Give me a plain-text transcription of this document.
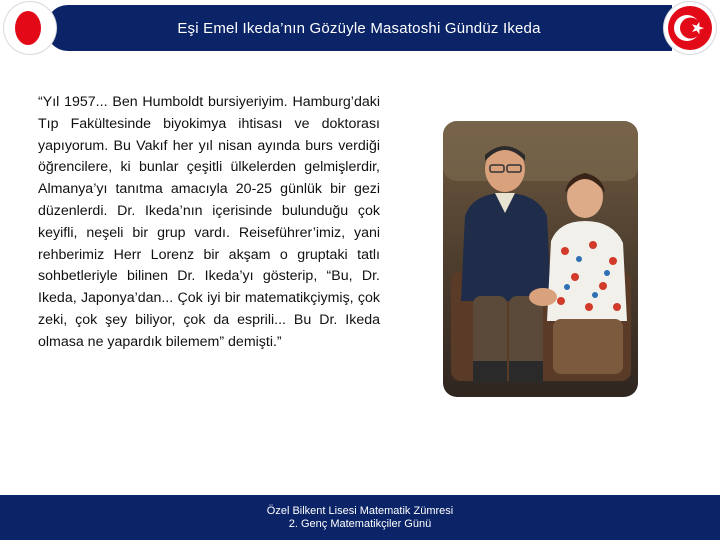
Eşi Emel Ikeda’nın Gözüyle Masatoshi Gündüz Ikeda
“Yıl 1957... Ben Humboldt bursiyeriyim. Hamburg’daki Tıp Fakültesinde biyokimya ihtisası ve doktorası yapıyorum. Bu Vakıf her yıl nisan ayında burs verdiği öğrencilere, ki bunlar çeşitli ülkelerden gelmişlerdir, Almanya’yı tanıtma amacıyla 20-25 günlük bir gezi düzenlerdi. Dr. Ikeda’nın içerisinde bulunduğu çok keyifli, neşeli bir grup vardı. Reiseführer’imiz, yani rehberimiz Herr Lorenz bir akşam o gruptaki tatlı sohbetleriyle bilinen Dr. Ikeda’yı gösterip, “Bu, Dr. Ikeda, Japonya’dan... Çok iyi bir matematikçiymiş, çok zeki, çok şey biliyor, çok da esprili... Bu Dr. Ikeda olmasa ne yapardık bilemem” demişti.”
Özel Bilkent Lisesi Matematik Zümresi
2. Genç Matematikçiler Günü
